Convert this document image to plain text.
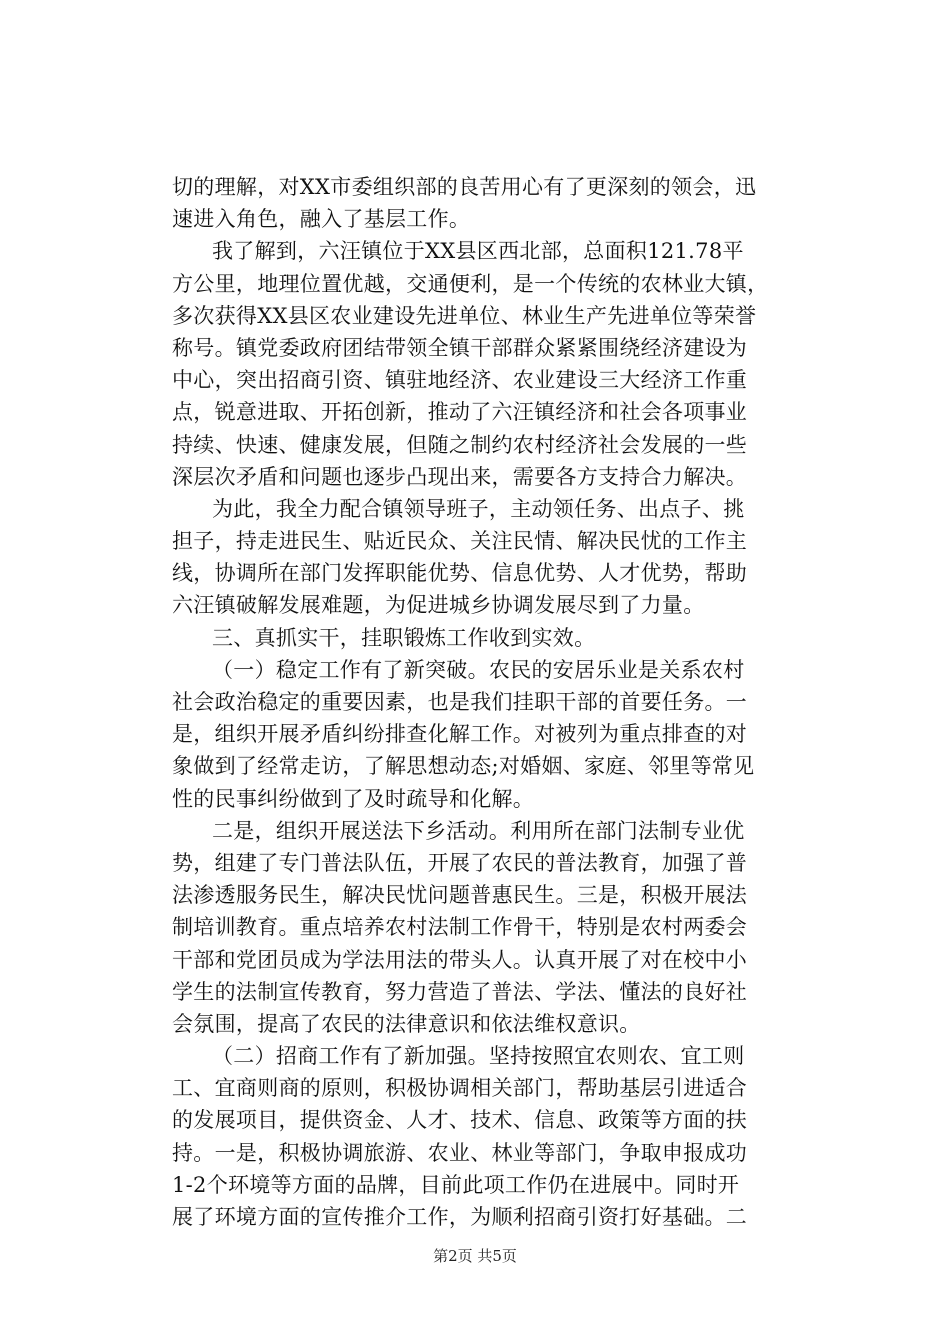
切的理解，对XX市委组织部的良苦用心有了更深刻的领会，迅
速进入角色，融入了基层工作。
我了解到，六汪镇位于XX县区西北部，总面积121.78平
方公里，地理位置优越，交通便利，是一个传统的农林业大镇，
多次获得XX县区农业建设先进单位、林业生产先进单位等荣誉
称号。镇党委政府团结带领全镇干部群众紧紧围绕经济建设为
中心，突出招商引资、镇驻地经济、农业建设三大经济工作重
点，锐意进取、开拓创新，推动了六汪镇经济和社会各项事业
持续、快速、健康发展，但随之制约农村经济社会发展的一些
深层次矛盾和问题也逐步凸现出来，需要各方支持合力解决。
为此，我全力配合镇领导班子，主动领任务、出点子、挑
担子，持走进民生、贴近民众、关注民情、解决民忧的工作主
线，协调所在部门发挥职能优势、信息优势、人才优势，帮助
六汪镇破解发展难题，为促进城乡协调发展尽到了力量。
三、真抓实干，挂职锻炼工作收到实效。
（一）稳定工作有了新突破。农民的安居乐业是关系农村
社会政治稳定的重要因素，也是我们挂职干部的首要任务。一
是，组织开展矛盾纠纷排查化解工作。对被列为重点排查的对
象做到了经常走访，了解思想动态;对婚姻、家庭、邻里等常见
性的民事纠纷做到了及时疏导和化解。
二是，组织开展送法下乡活动。利用所在部门法制专业优
势，组建了专门普法队伍，开展了农民的普法教育，加强了普
法渗透服务民生，解决民忧问题普惠民生。三是，积极开展法
制培训教育。重点培养农村法制工作骨干，特别是农村两委会
干部和党团员成为学法用法的带头人。认真开展了对在校中小
学生的法制宣传教育，努力营造了普法、学法、懂法的良好社
会氛围，提高了农民的法律意识和依法维权意识。
（二）招商工作有了新加强。坚持按照宜农则农、宜工则
工、宜商则商的原则，积极协调相关部门，帮助基层引进适合
的发展项目，提供资金、人才、技术、信息、政策等方面的扶
持。一是，积极协调旅游、农业、林业等部门，争取申报成功
1-2个环境等方面的品牌，目前此项工作仍在进展中。同时开
展了环境方面的宣传推介工作，为顺利招商引资打好基础。二
第2页 共5页
